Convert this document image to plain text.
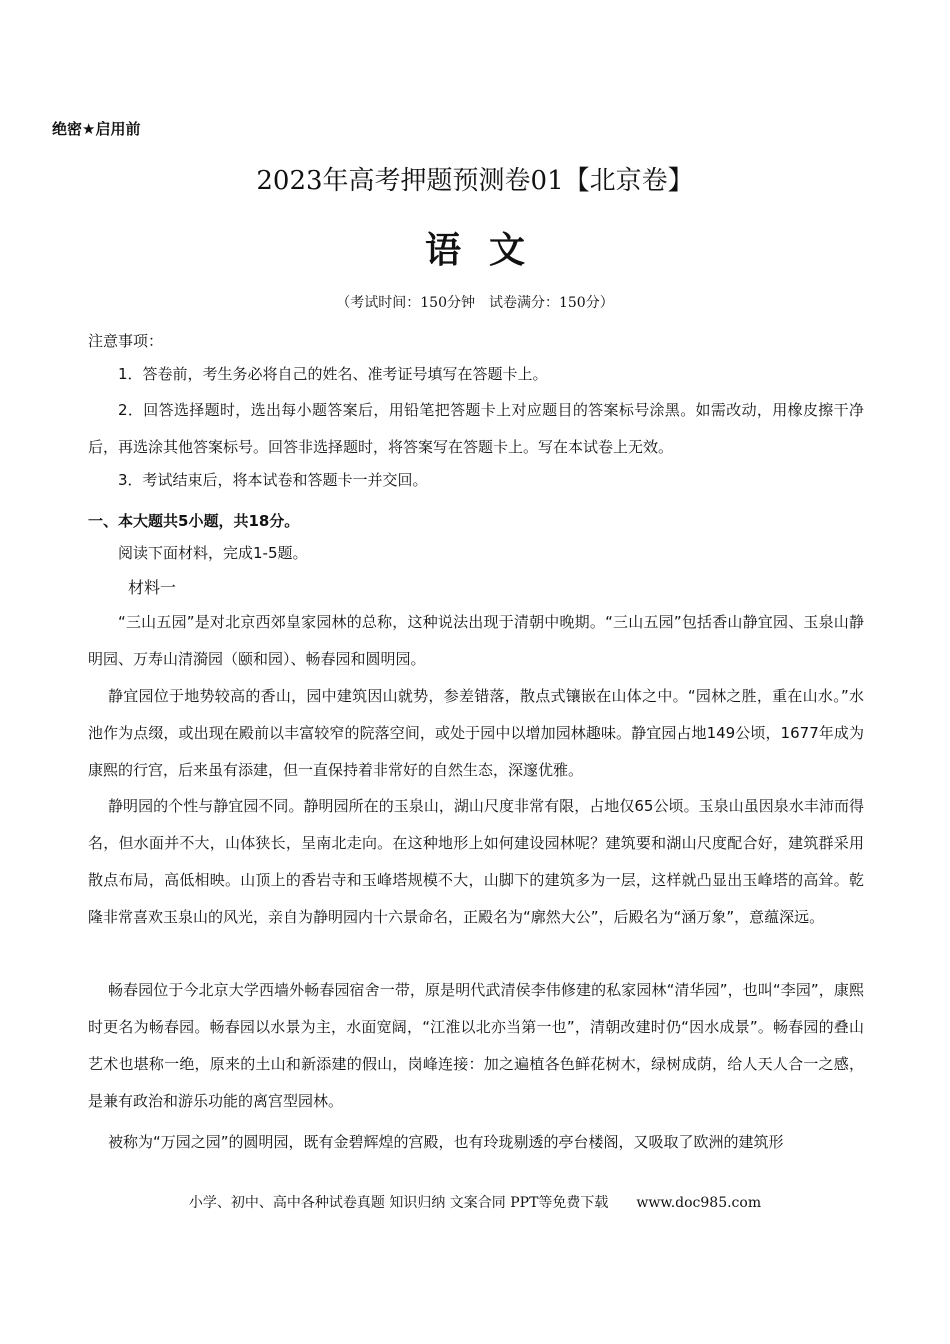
绝密★启用前
2023年高考押题预测卷01【北京卷】
语文
（考试时间：150分钟　试卷满分：150分）
注意事项：
1．答卷前，考生务必将自己的姓名、准考证号填写在答题卡上。
2．回答选择题时，选出每小题答案后，用铅笔把答题卡上对应题目的答案标号涂黑。如需改动，用橡皮擦干净后，再选涂其他答案标号。回答非选择题时，将答案写在答题卡上。写在本试卷上无效。
3．考试结束后，将本试卷和答题卡一并交回。
一、本大题共5小题，共18分。
阅读下面材料，完成1-5题。
材料一
“三山五园”是对北京西郊皇家园林的总称，这种说法出现于清朝中晚期。“三山五园”包括香山静宜园、玉泉山静明园、万寿山清漪园（颐和园）、畅春园和圆明园。
静宜园位于地势较高的香山，园中建筑因山就势，参差错落，散点式镶嵌在山体之中。“园林之胜，重在山水。”水池作为点缀，或出现在殿前以丰富较窄的院落空间，或处于园中以增加园林趣味。静宜园占地149公顷，1677年成为康熙的行宫，后来虽有添建，但一直保持着非常好的自然生态，深邃优雅。
静明园的个性与静宜园不同。静明园所在的玉泉山，湖山尺度非常有限，占地仅65公顷。玉泉山虽因泉水丰沛而得名，但水面并不大，山体狭长，呈南北走向。在这种地形上如何建设园林呢？建筑要和湖山尺度配合好，建筑群采用散点布局，高低相映。山顶上的香岩寺和玉峰塔规模不大，山脚下的建筑多为一层，这样就凸显出玉峰塔的高耸。乾隆非常喜欢玉泉山的风光，亲自为静明园内十六景命名，正殿名为“廓然大公”，后殿名为“涵万象”，意蕴深远。
畅春园位于今北京大学西墙外畅春园宿舍一带，原是明代武清侯李伟修建的私家园林“清华园”，也叫“李园”，康熙时更名为畅春园。畅春园以水景为主，水面宽阔，“江淮以北亦当第一也”，清朝改建时仍“因水成景”。畅春园的叠山艺术也堪称一绝，原来的土山和新添建的假山，岗峰连接：加之遍植各色鲜花树木，绿树成荫，给人天人合一之感，是兼有政治和游乐功能的离宫型园林。
被称为“万园之园”的圆明园，既有金碧辉煌的宫殿，也有玲珑剔透的亭台楼阁，又吸取了欧洲的建筑形
小学、初中、高中各种试卷真题 知识归纳 文案合同 PPT等免费下载　　www.doc985.com
